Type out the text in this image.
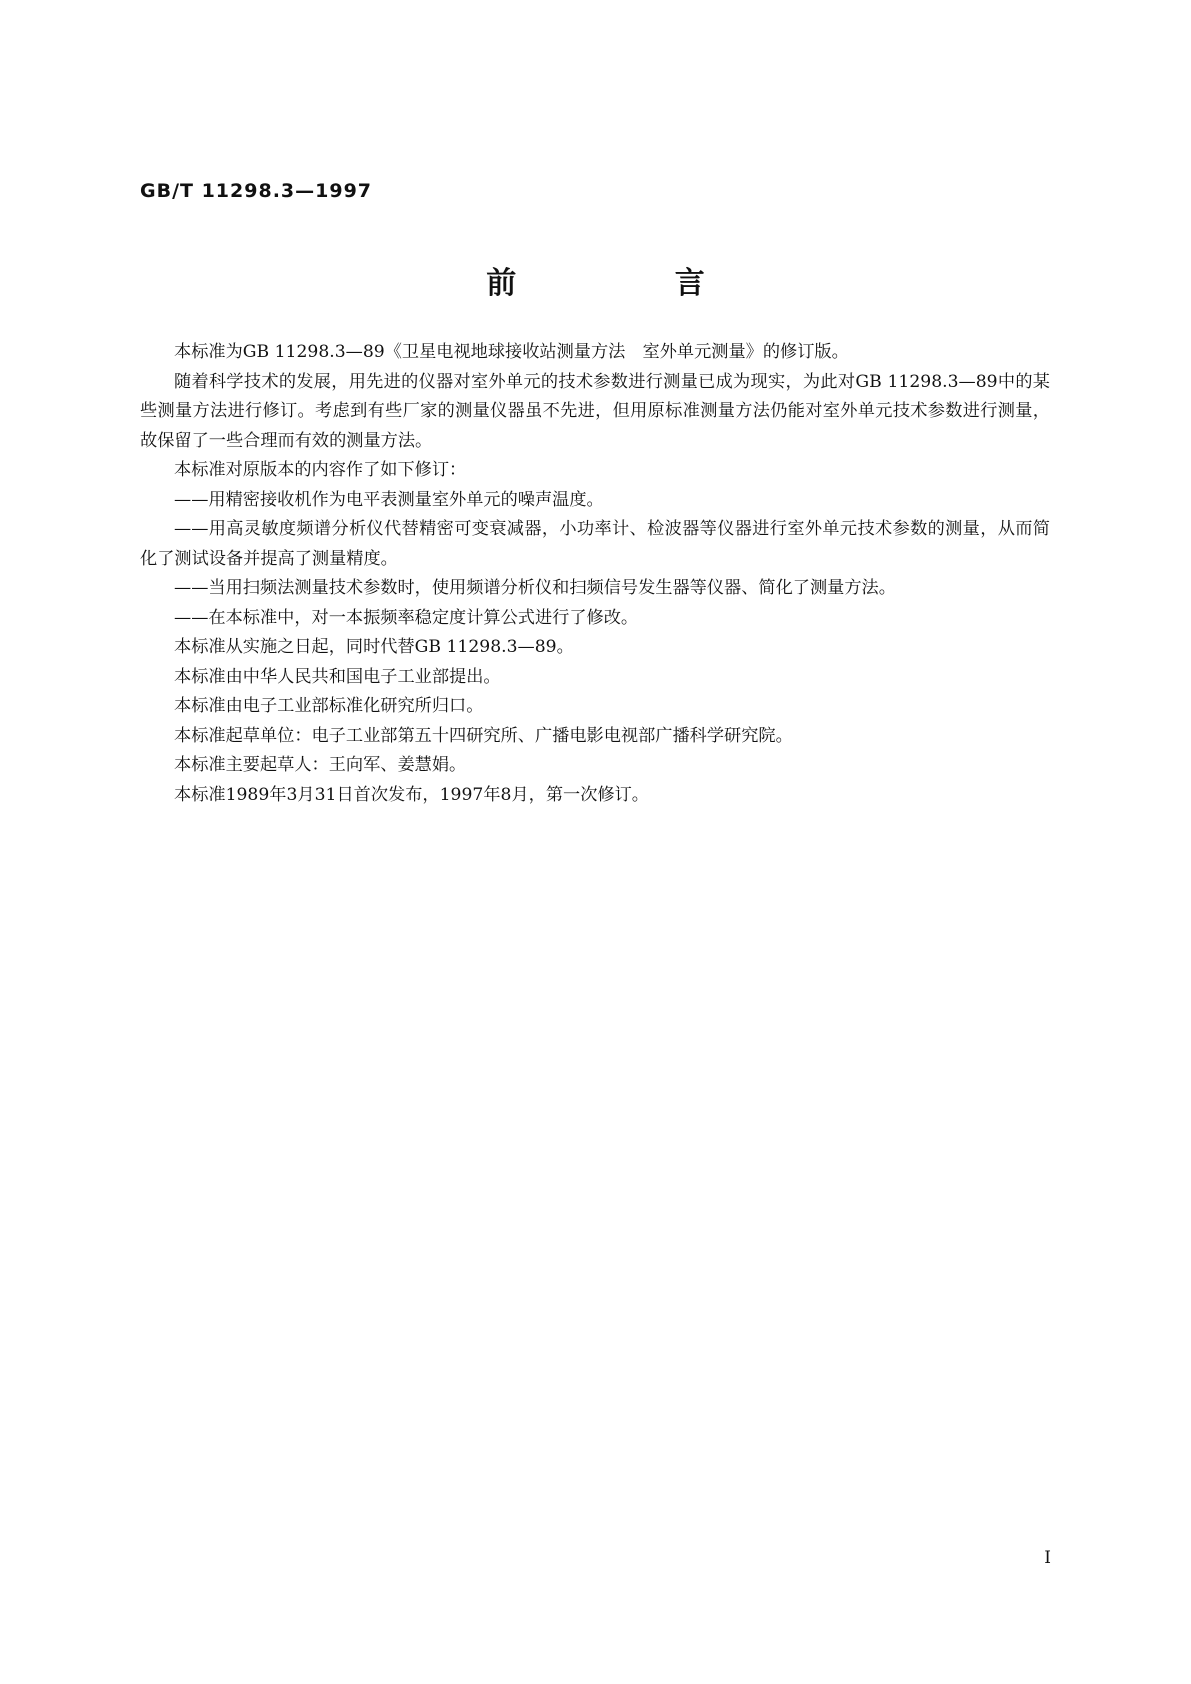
GB/T 11298.3—1997
前 言

本标准为GB 11298.3—89《卫星电视地球接收站测量方法　室外单元测量》的修订版。

随着科学技术的发展，用先进的仪器对室外单元的技术参数进行测量已成为现实，为此对GB 11298.3—89中的某些测量方法进行修订。考虑到有些厂家的测量仪器虽不先进，但用原标准测量方法仍能对室外单元技术参数进行测量，故保留了一些合理而有效的测量方法。

本标准对原版本的内容作了如下修订：

——用精密接收机作为电平表测量室外单元的噪声温度。

——用高灵敏度频谱分析仪代替精密可变衰减器，小功率计、检波器等仪器进行室外单元技术参数的测量，从而简化了测试设备并提高了测量精度。

——当用扫频法测量技术参数时，使用频谱分析仪和扫频信号发生器等仪器、简化了测量方法。

——在本标准中，对一本振频率稳定度计算公式进行了修改。

本标准从实施之日起，同时代替GB 11298.3—89。

本标准由中华人民共和国电子工业部提出。

本标准由电子工业部标准化研究所归口。

本标准起草单位：电子工业部第五十四研究所、广播电影电视部广播科学研究院。

本标准主要起草人：王向军、姜慧娟。

本标准1989年3月31日首次发布，1997年8月，第一次修订。

I
